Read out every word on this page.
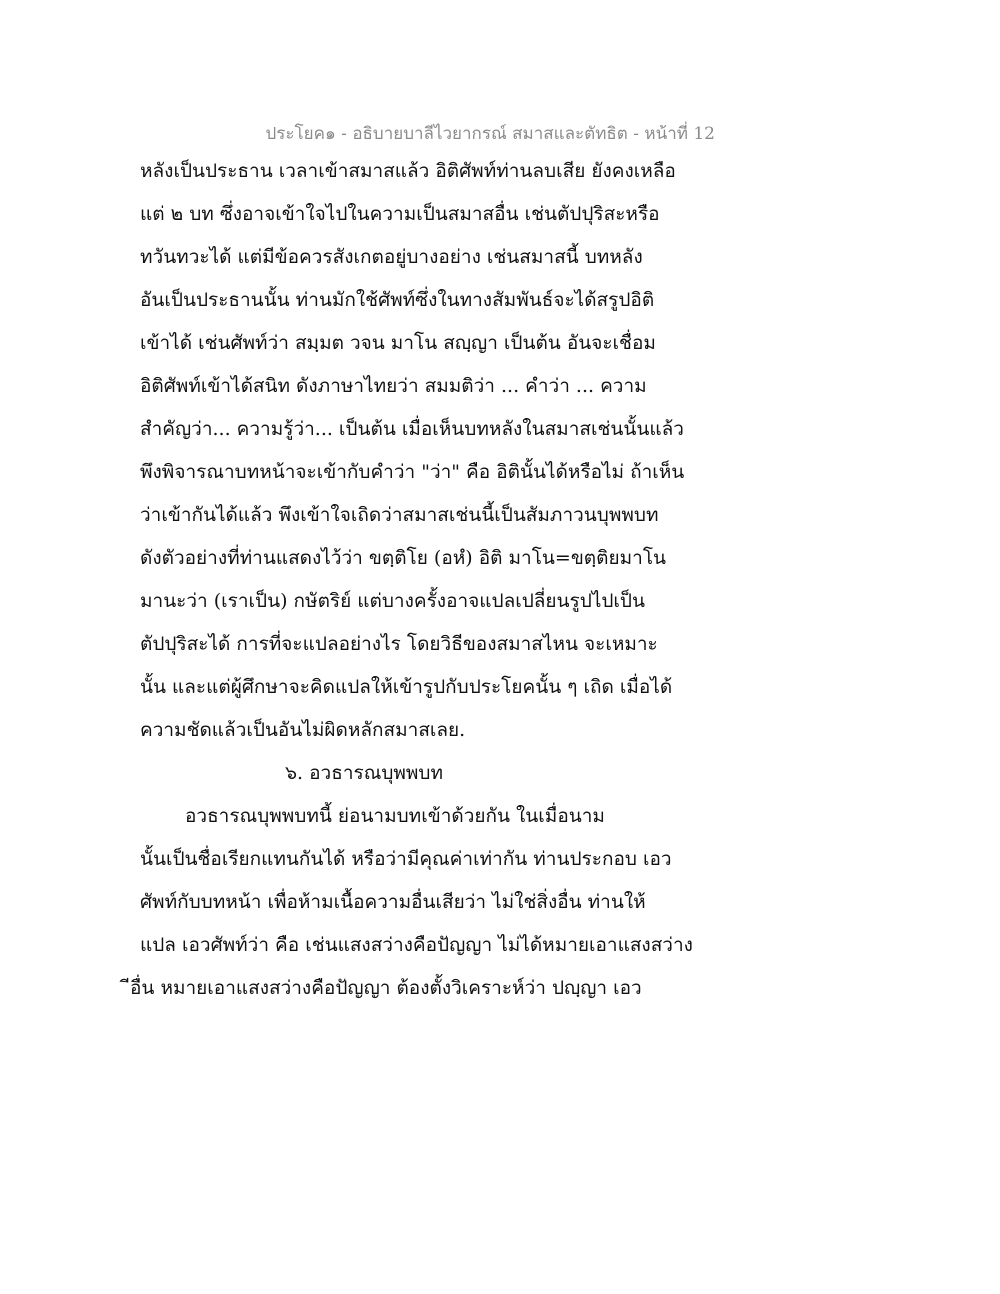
ประโยค๑ - อธิบายบาลีไวยากรณ์ สมาสและตัทธิต - หน้าที่ 12
หลังเป็นประธาน เวลาเข้าสมาสแล้ว อิติศัพท์ท่านลบเสีย ยังคงเหลือ
แต่ ๒ บท ซึ่งอาจเข้าใจไปในความเป็นสมาสอื่น เช่นตัปปุริสะหรือ
ทวันทวะได้ แต่มีข้อควรสังเกตอยู่บางอย่าง เช่นสมาสนี้ บทหลัง
อันเป็นประธานนั้น ท่านมักใช้ศัพท์ซึ่งในทางสัมพันธ์จะได้สรูปอิติ
เข้าได้ เช่นศัพท์ว่า สมฺมต วจน มาโน สญฺญา เป็นต้น อันจะเชื่อม
อิติศัพท์เข้าได้สนิท ดังภาษาไทยว่า สมมติว่า ... คำว่า ... ความ
สำคัญว่า... ความรู้ว่า... เป็นต้น เมื่อเห็นบทหลังในสมาสเช่นนั้นแล้ว
พึงพิจารณาบทหน้าจะเข้ากับคำว่า "ว่า" คือ อิตินั้นได้หรือไม่ ถ้าเห็น
ว่าเข้ากันได้แล้ว พึงเข้าใจเถิดว่าสมาสเช่นนี้เป็นสัมภาวนบุพพบท
ดังตัวอย่างที่ท่านแสดงไว้ว่า ขตฺติโย (อหํ) อิติ มาโน=ขตฺติยมาโน
มานะว่า (เราเป็น) กษัตริย์ แต่บางครั้งอาจแปลเปลี่ยนรูปไปเป็น
ตัปปุริสะได้ การที่จะแปลอย่างไร โดยวิธีของสมาสไหน จะเหมาะ
นั้น และแต่ผู้ศึกษาจะคิดแปลให้เข้ารูปกับประโยคนั้น ๆ เถิด เมื่อได้
ความชัดแล้วเป็นอันไม่ผิดหลักสมาสเลย.
๖. อวธารณบุพพบท
อวธารณบุพพบทนี้ ย่อนามบทเข้าด้วยกัน ในเมื่อนาม
นั้นเป็นชื่อเรียกแทนกันได้ หรือว่ามีคุณค่าเท่ากัน ท่านประกอบ เอว
ศัพท์กับบทหน้า เพื่อห้ามเนื้อความอื่นเสียว่า ไม่ใช่สิ่งอื่น ท่านให้
แปล เอวศัพท์ว่า คือ เช่นแสงสว่างคือปัญญา ไม่ได้หมายเอาแสงสว่าง
ีอื่น หมายเอาแสงสว่างคือปัญญา ต้องตั้งวิเคราะห์ว่า ปญฺญา เอว
